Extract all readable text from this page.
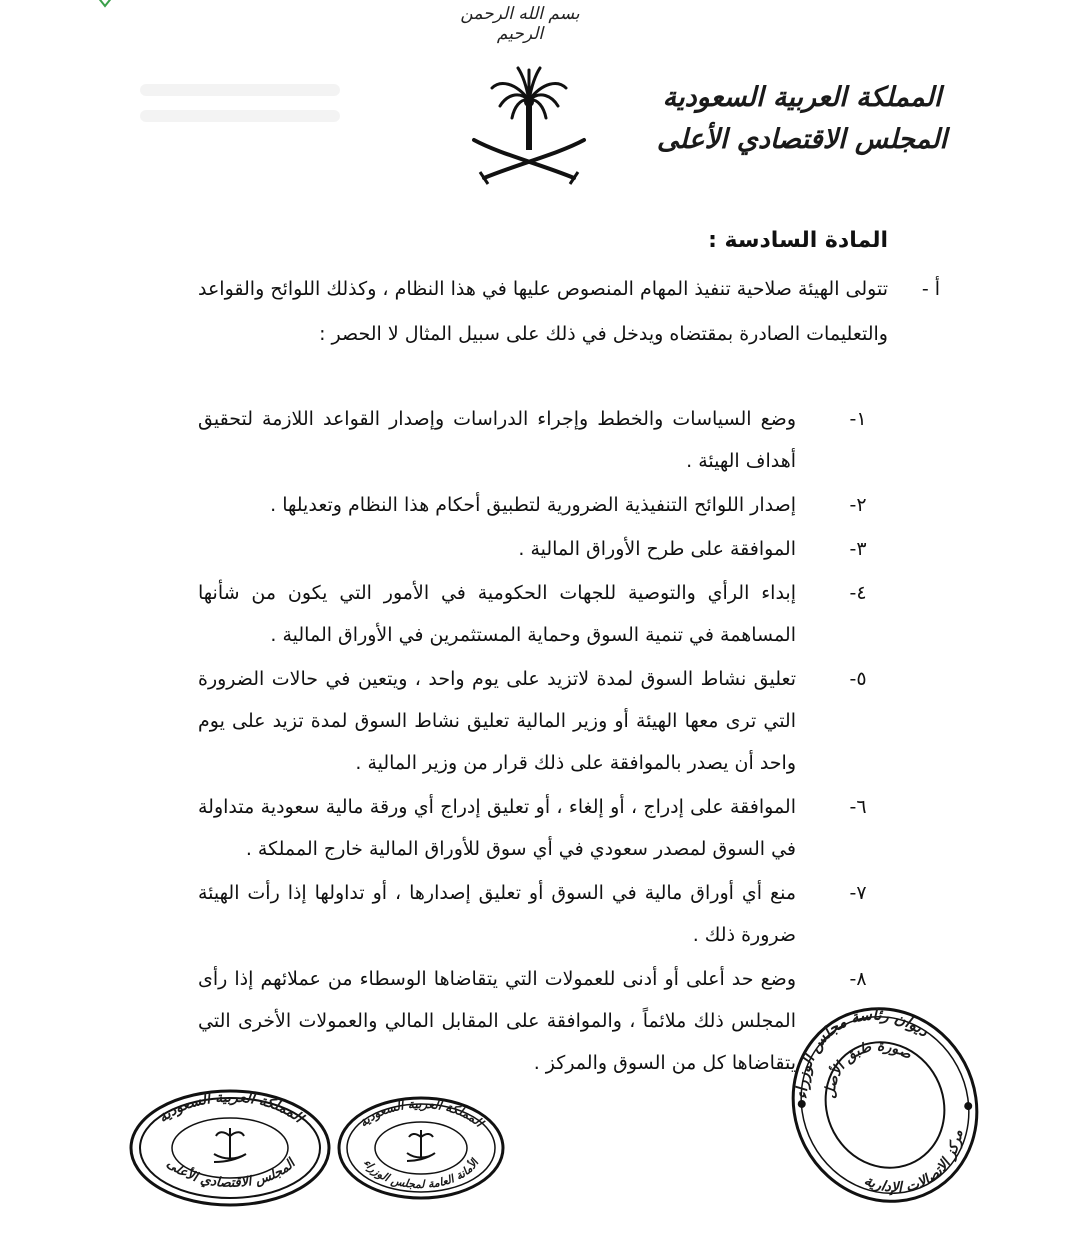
بسم الله الرحمن الرحيم
المملكة العربية السعودية
المجلس الاقتصادي الأعلى
المادة السادسة :
أ -
تتولى الهيئة صلاحية تنفيذ المهام المنصوص عليها في هذا النظام ، وكذلك اللوائح والقواعد والتعليمات الصادرة بمقتضاه ويدخل في ذلك على سبيل المثال لا الحصر :
١-
وضع السياسات والخطط وإجراء الدراسات وإصدار القواعد اللازمة لتحقيق أهداف الهيئة .
٢-
إصدار اللوائح التنفيذية الضرورية لتطبيق أحكام هذا النظام وتعديلها .
٣-
الموافقة على طرح الأوراق المالية .
٤-
إبداء الرأي والتوصية للجهات الحكومية في الأمور التي يكون من شأنها المساهمة في تنمية السوق وحماية المستثمرين في الأوراق المالية .
٥-
تعليق نشاط السوق لمدة لاتزيد على يوم واحد ، ويتعين في حالات الضرورة التي ترى معها الهيئة أو وزير المالية تعليق نشاط السوق لمدة تزيد على يوم واحد أن يصدر بالموافقة على ذلك قرار من وزير المالية .
٦-
الموافقة على إدراج ، أو إلغاء ، أو تعليق إدراج أي ورقة مالية سعودية متداولة في السوق لمصدر سعودي في أي سوق للأوراق المالية خارج المملكة .
٧-
منع أي أوراق مالية في السوق أو تعليق إصدارها ، أو تداولها إذا رأت الهيئة ضرورة ذلك .
٨-
وضع حد أعلى أو أدنى للعمولات التي يتقاضاها الوسطاء من عملائهم إذا رأى المجلس ذلك ملائماً ، والموافقة على المقابل المالي والعمولات الأخرى التي يتقاضاها كل من السوق والمركز .
المملكة العربية السعودية
المجلس الاقتصادي الأعلى
المملكة العربية السعودية
الأمانة العامة لمجلس الوزراء
ديوان رئاسة مجلس الوزراء
مركز الاتصالات الإدارية
صورة طبق الأصل
